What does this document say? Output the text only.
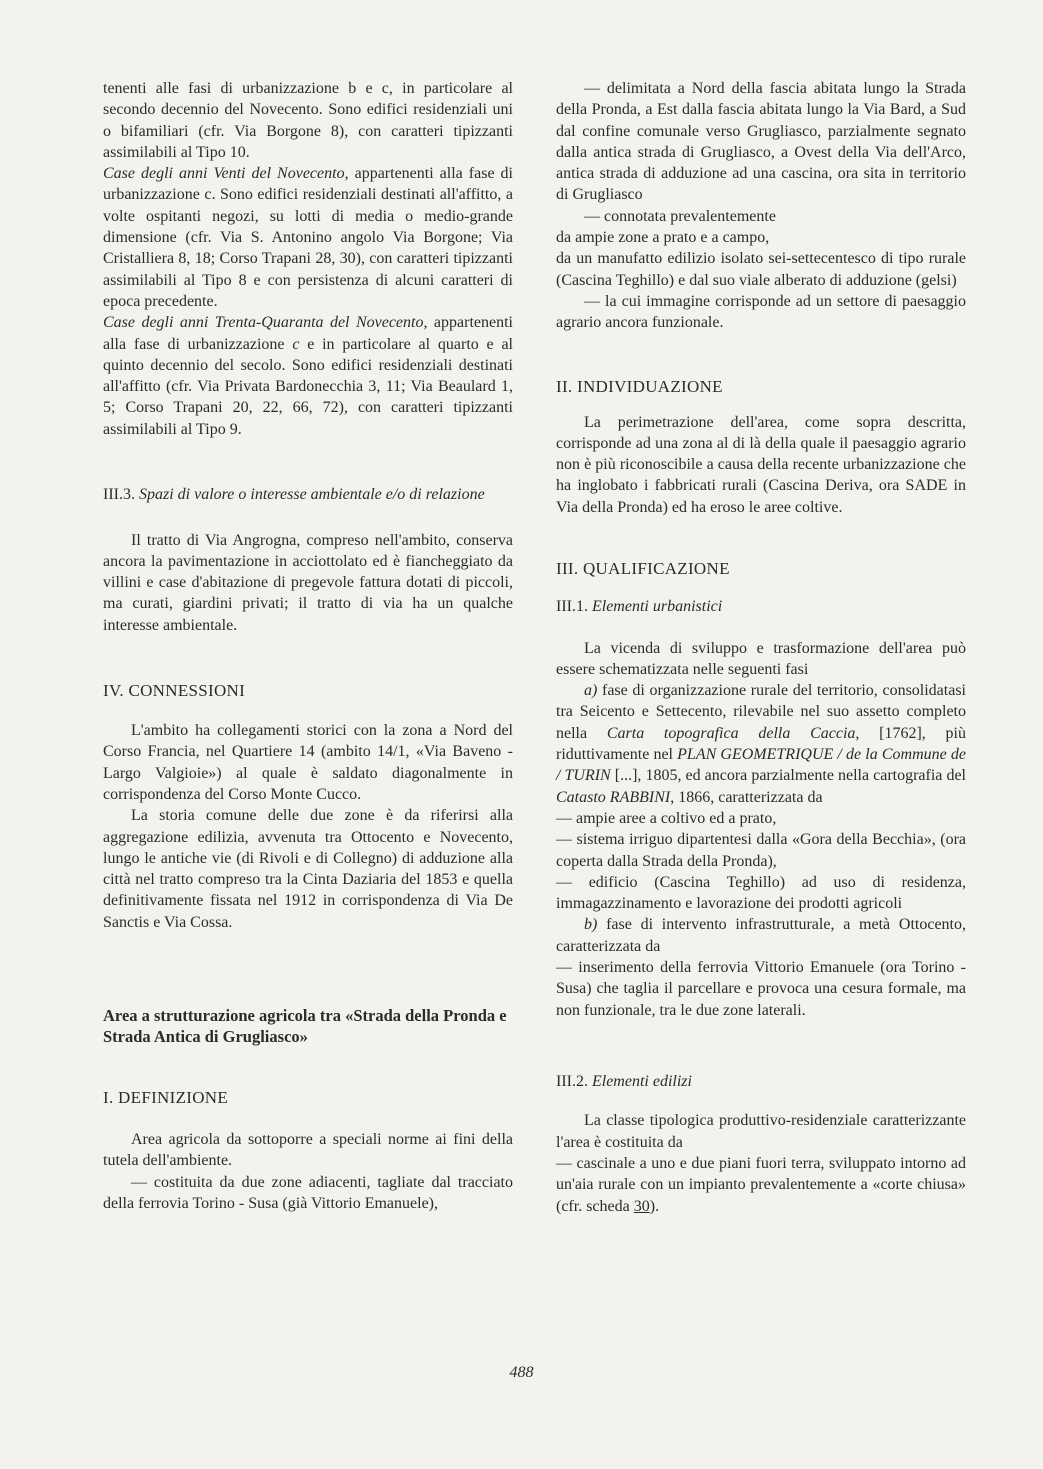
tenenti alle fasi di urbanizzazione b e c, in particolare al secondo decennio del Novecento. Sono edifici residenziali uni o bifamiliari (cfr. Via Borgone 8), con caratteri tipizzanti assimilabili al Tipo 10.

Case degli anni Venti del Novecento, appartenenti alla fase di urbanizzazione c. Sono edifici residenziali destinati all'affitto, a volte ospitanti negozi, su lotti di media o medio-grande dimensione (cfr. Via S. Antonino angolo Via Borgone; Via Cristalliera 8, 18; Corso Trapani 28, 30), con caratteri tipizzanti assimilabili al Tipo 8 e con persistenza di alcuni caratteri di epoca precedente.

Case degli anni Trenta-Quaranta del Novecento, appartenenti alla fase di urbanizzazione c e in particolare al quarto e al quinto decennio del secolo. Sono edifici residenziali destinati all'affitto (cfr. Via Privata Bardonecchia 3, 11; Via Beaulard 1, 5; Corso Trapani 20, 22, 66, 72), con caratteri tipizzanti assimilabili al Tipo 9.

III.3. Spazi di valore o interesse ambientale e/o di relazione

Il tratto di Via Angrogna, compreso nell'ambito, conserva ancora la pavimentazione in acciottolato ed è fiancheggiato da villini e case d'abitazione di pregevole fattura dotati di piccoli, ma curati, giardini privati; il tratto di via ha un qualche interesse ambientale.

IV. CONNESSIONI

L'ambito ha collegamenti storici con la zona a Nord del Corso Francia, nel Quartiere 14 (ambito 14/1, «Via Baveno - Largo Valgioie») al quale è saldato diagonalmente in corrispondenza del Corso Monte Cucco.

La storia comune delle due zone è da riferirsi alla aggregazione edilizia, avvenuta tra Ottocento e Novecento, lungo le antiche vie (di Rivoli e di Collegno) di adduzione alla città nel tratto compreso tra la Cinta Daziaria del 1853 e quella definitivamente fissata nel 1912 in corrispondenza di Via De Sanctis e Via Cossa.

Area a strutturazione agricola tra «Strada della Pronda e Strada Antica di Grugliasco»

I. DEFINIZIONE

Area agricola da sottoporre a speciali norme ai fini della tutela dell'ambiente.

— costituita da due zone adiacenti, tagliate dal tracciato della ferrovia Torino - Susa (già Vittorio Emanuele),

— delimitata a Nord della fascia abitata lungo la Strada della Pronda, a Est dalla fascia abitata lungo la Via Bard, a Sud dal confine comunale verso Grugliasco, parzialmente segnato dalla antica strada di Grugliasco, a Ovest della Via dell'Arco, antica strada di adduzione ad una cascina, ora sita in territorio di Grugliasco

— connotata prevalentemente

da ampie zone a prato e a campo,

da un manufatto edilizio isolato sei-settecentesco di tipo rurale (Cascina Teghillo) e dal suo viale alberato di adduzione (gelsi)

— la cui immagine corrisponde ad un settore di paesaggio agrario ancora funzionale.

II. INDIVIDUAZIONE

La perimetrazione dell'area, come sopra descritta, corrisponde ad una zona al di là della quale il paesaggio agrario non è più riconoscibile a causa della recente urbanizzazione che ha inglobato i fabbricati rurali (Cascina Deriva, ora SADE in Via della Pronda) ed ha eroso le aree coltive.

III. QUALIFICAZIONE

III.1. Elementi urbanistici

La vicenda di sviluppo e trasformazione dell'area può essere schematizzata nelle seguenti fasi

a) fase di organizzazione rurale del territorio, consolidatasi tra Seicento e Settecento, rilevabile nel suo assetto completo nella Carta topografica della Caccia, [1762], più riduttivamente nel PLAN GEOMETRIQUE / de la Commune de / TURIN [...], 1805, ed ancora parzialmente nella cartografia del Catasto RABBINI, 1866, caratterizzata da

— ampie aree a coltivo ed a prato,

— sistema irriguo dipartentesi dalla «Gora della Becchia», (ora coperta dalla Strada della Pronda),

— edificio (Cascina Teghillo) ad uso di residenza, immagazzinamento e lavorazione dei prodotti agricoli

b) fase di intervento infrastrutturale, a metà Ottocento, caratterizzata da

— inserimento della ferrovia Vittorio Emanuele (ora Torino - Susa) che taglia il parcellare e provoca una cesura formale, ma non funzionale, tra le due zone laterali.

III.2. Elementi edilizi

La classe tipologica produttivo-residenziale caratterizzante l'area è costituita da

— cascinale a uno e due piani fuori terra, sviluppato intorno ad un'aia rurale con un impianto prevalentemente a «corte chiusa» (cfr. scheda 30).

488
